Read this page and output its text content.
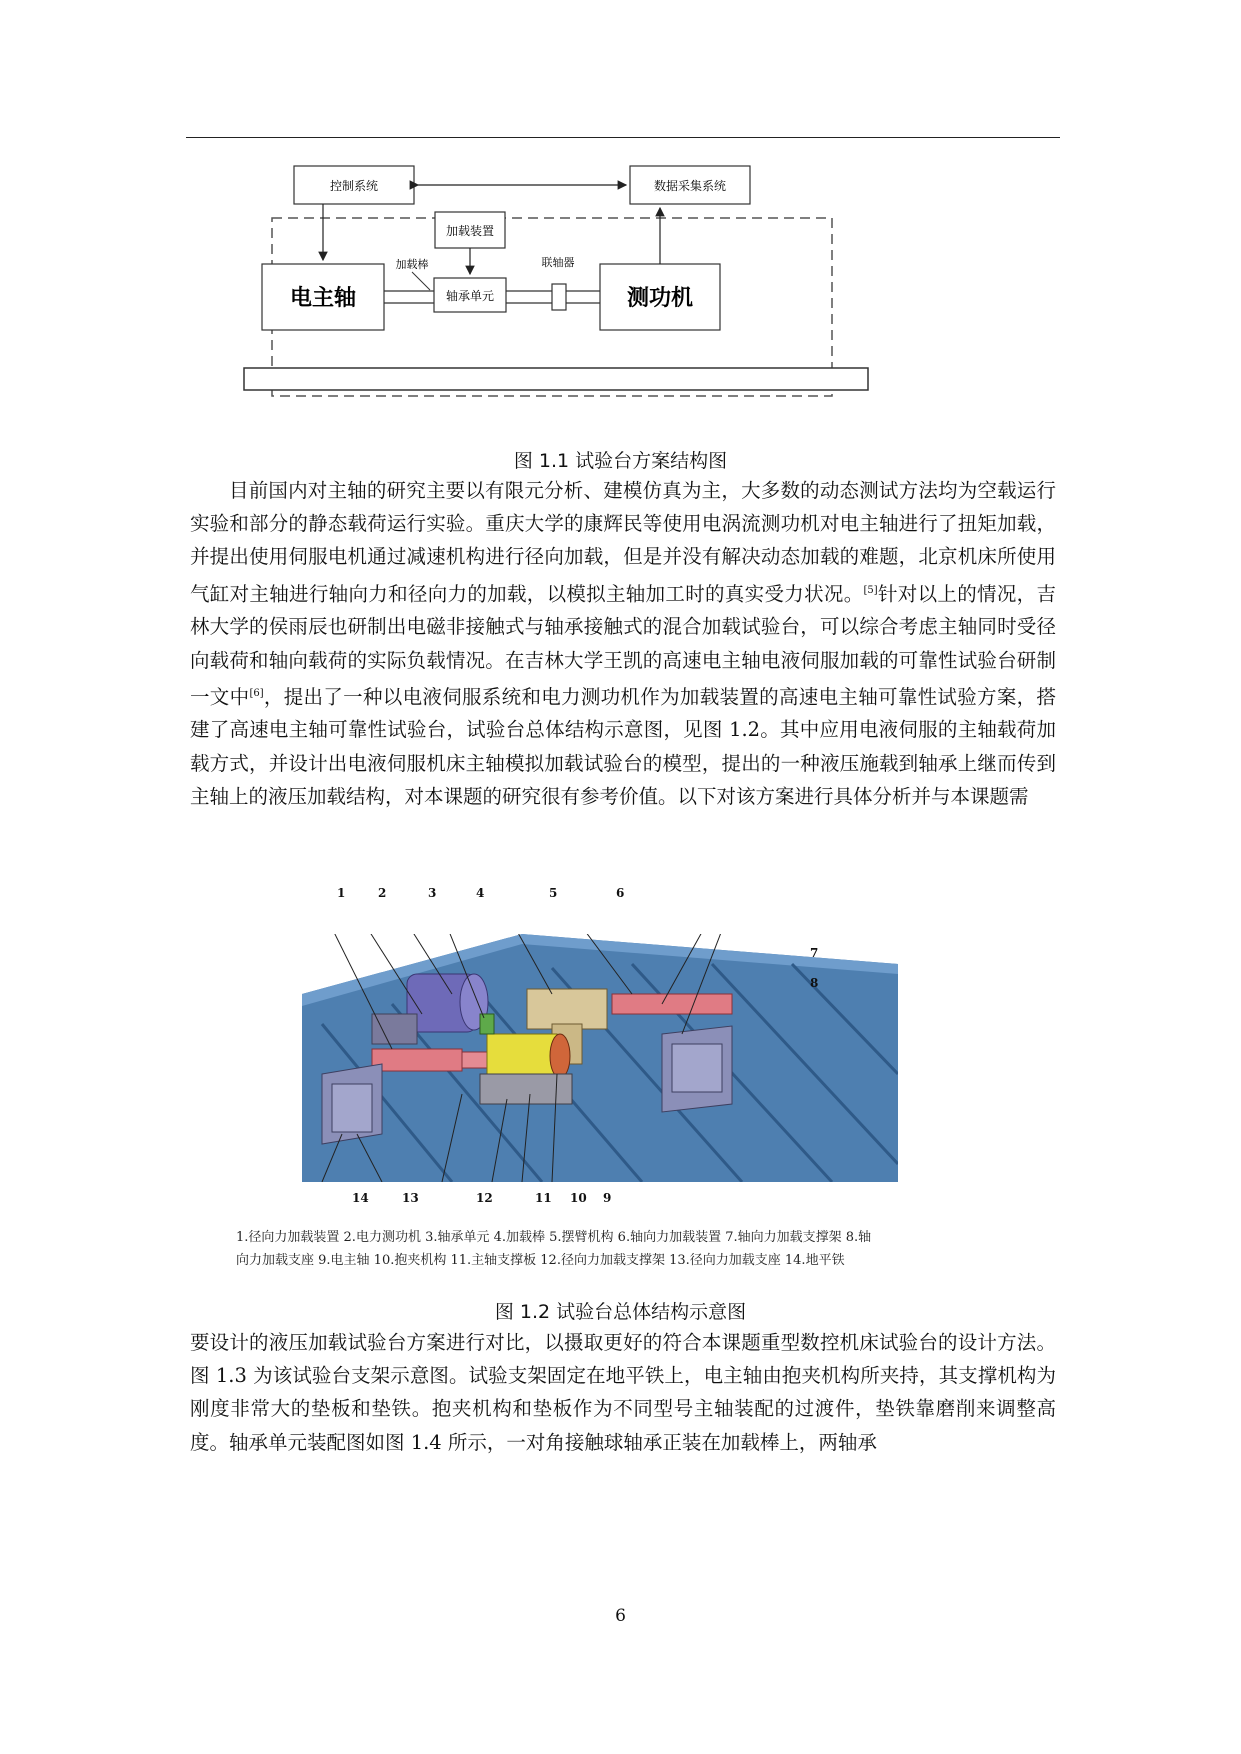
控制系统	数据采集系统
加载装置
电主轴	测功机
轴承单元
联轴器
加载棒
图 1.1 试验台方案结构图

目前国内对主轴的研究主要以有限元分析、建模仿真为主，大多数的动态测试方法均为空载运行实验和部分的静态载荷运行实验。重庆大学的康辉民等使用电涡流测功机对电主轴进行了扭矩加载，并提出使用伺服电机通过减速机构进行径向加载，但是并没有解决动态加载的难题，北京机床所使用气缸对主轴进行轴向力和径向力的加载，以模拟主轴加工时的真实受力状况。[5]针对以上的情况，吉林大学的侯雨辰也研制出电磁非接触式与轴承接触式的混合加载试验台，可以综合考虑主轴同时受径向载荷和轴向载荷的实际负载情况。在吉林大学王凯的高速电主轴电液伺服加载的可靠性试验台研制一文中[6]，提出了一种以电液伺服系统和电力测功机作为加载装置的高速电主轴可靠性试验方案，搭建了高速电主轴可靠性试验台，试验台总体结构示意图，见图 1.2。其中应用电液伺服的主轴载荷加载方式，并设计出电液伺服机床主轴模拟加载试验台的模型，提出的一种液压施载到轴承上继而传到主轴上的液压加载结构，对本课题的研究很有参考价值。以下对该方案进行具体分析并与本课题需

1	2	3	4	5	6
7
8
14	13	12	11 10 9
1.径向力加载装置 2.电力测功机 3.轴承单元 4.加载棒 5.摆臂机构 6.轴向力加载装置 7.轴向力加载支撑架 8.轴向力加载支座 9.电主轴 10.抱夹机构 11.主轴支撑板 12.径向力加载支撑架 13.径向力加载支座 14.地平铁
图 1.2 试验台总体结构示意图

要设计的液压加载试验台方案进行对比，以摄取更好的符合本课题重型数控机床试验台的设计方法。图 1.3 为该试验台支架示意图。试验支架固定在地平铁上，电主轴由抱夹机构所夹持，其支撑机构为刚度非常大的垫板和垫铁。抱夹机构和垫板作为不同型号主轴装配的过渡件，垫铁靠磨削来调整高度。轴承单元装配图如图 1.4 所示，一对角接触球轴承正装在加载棒上，两轴承

6
